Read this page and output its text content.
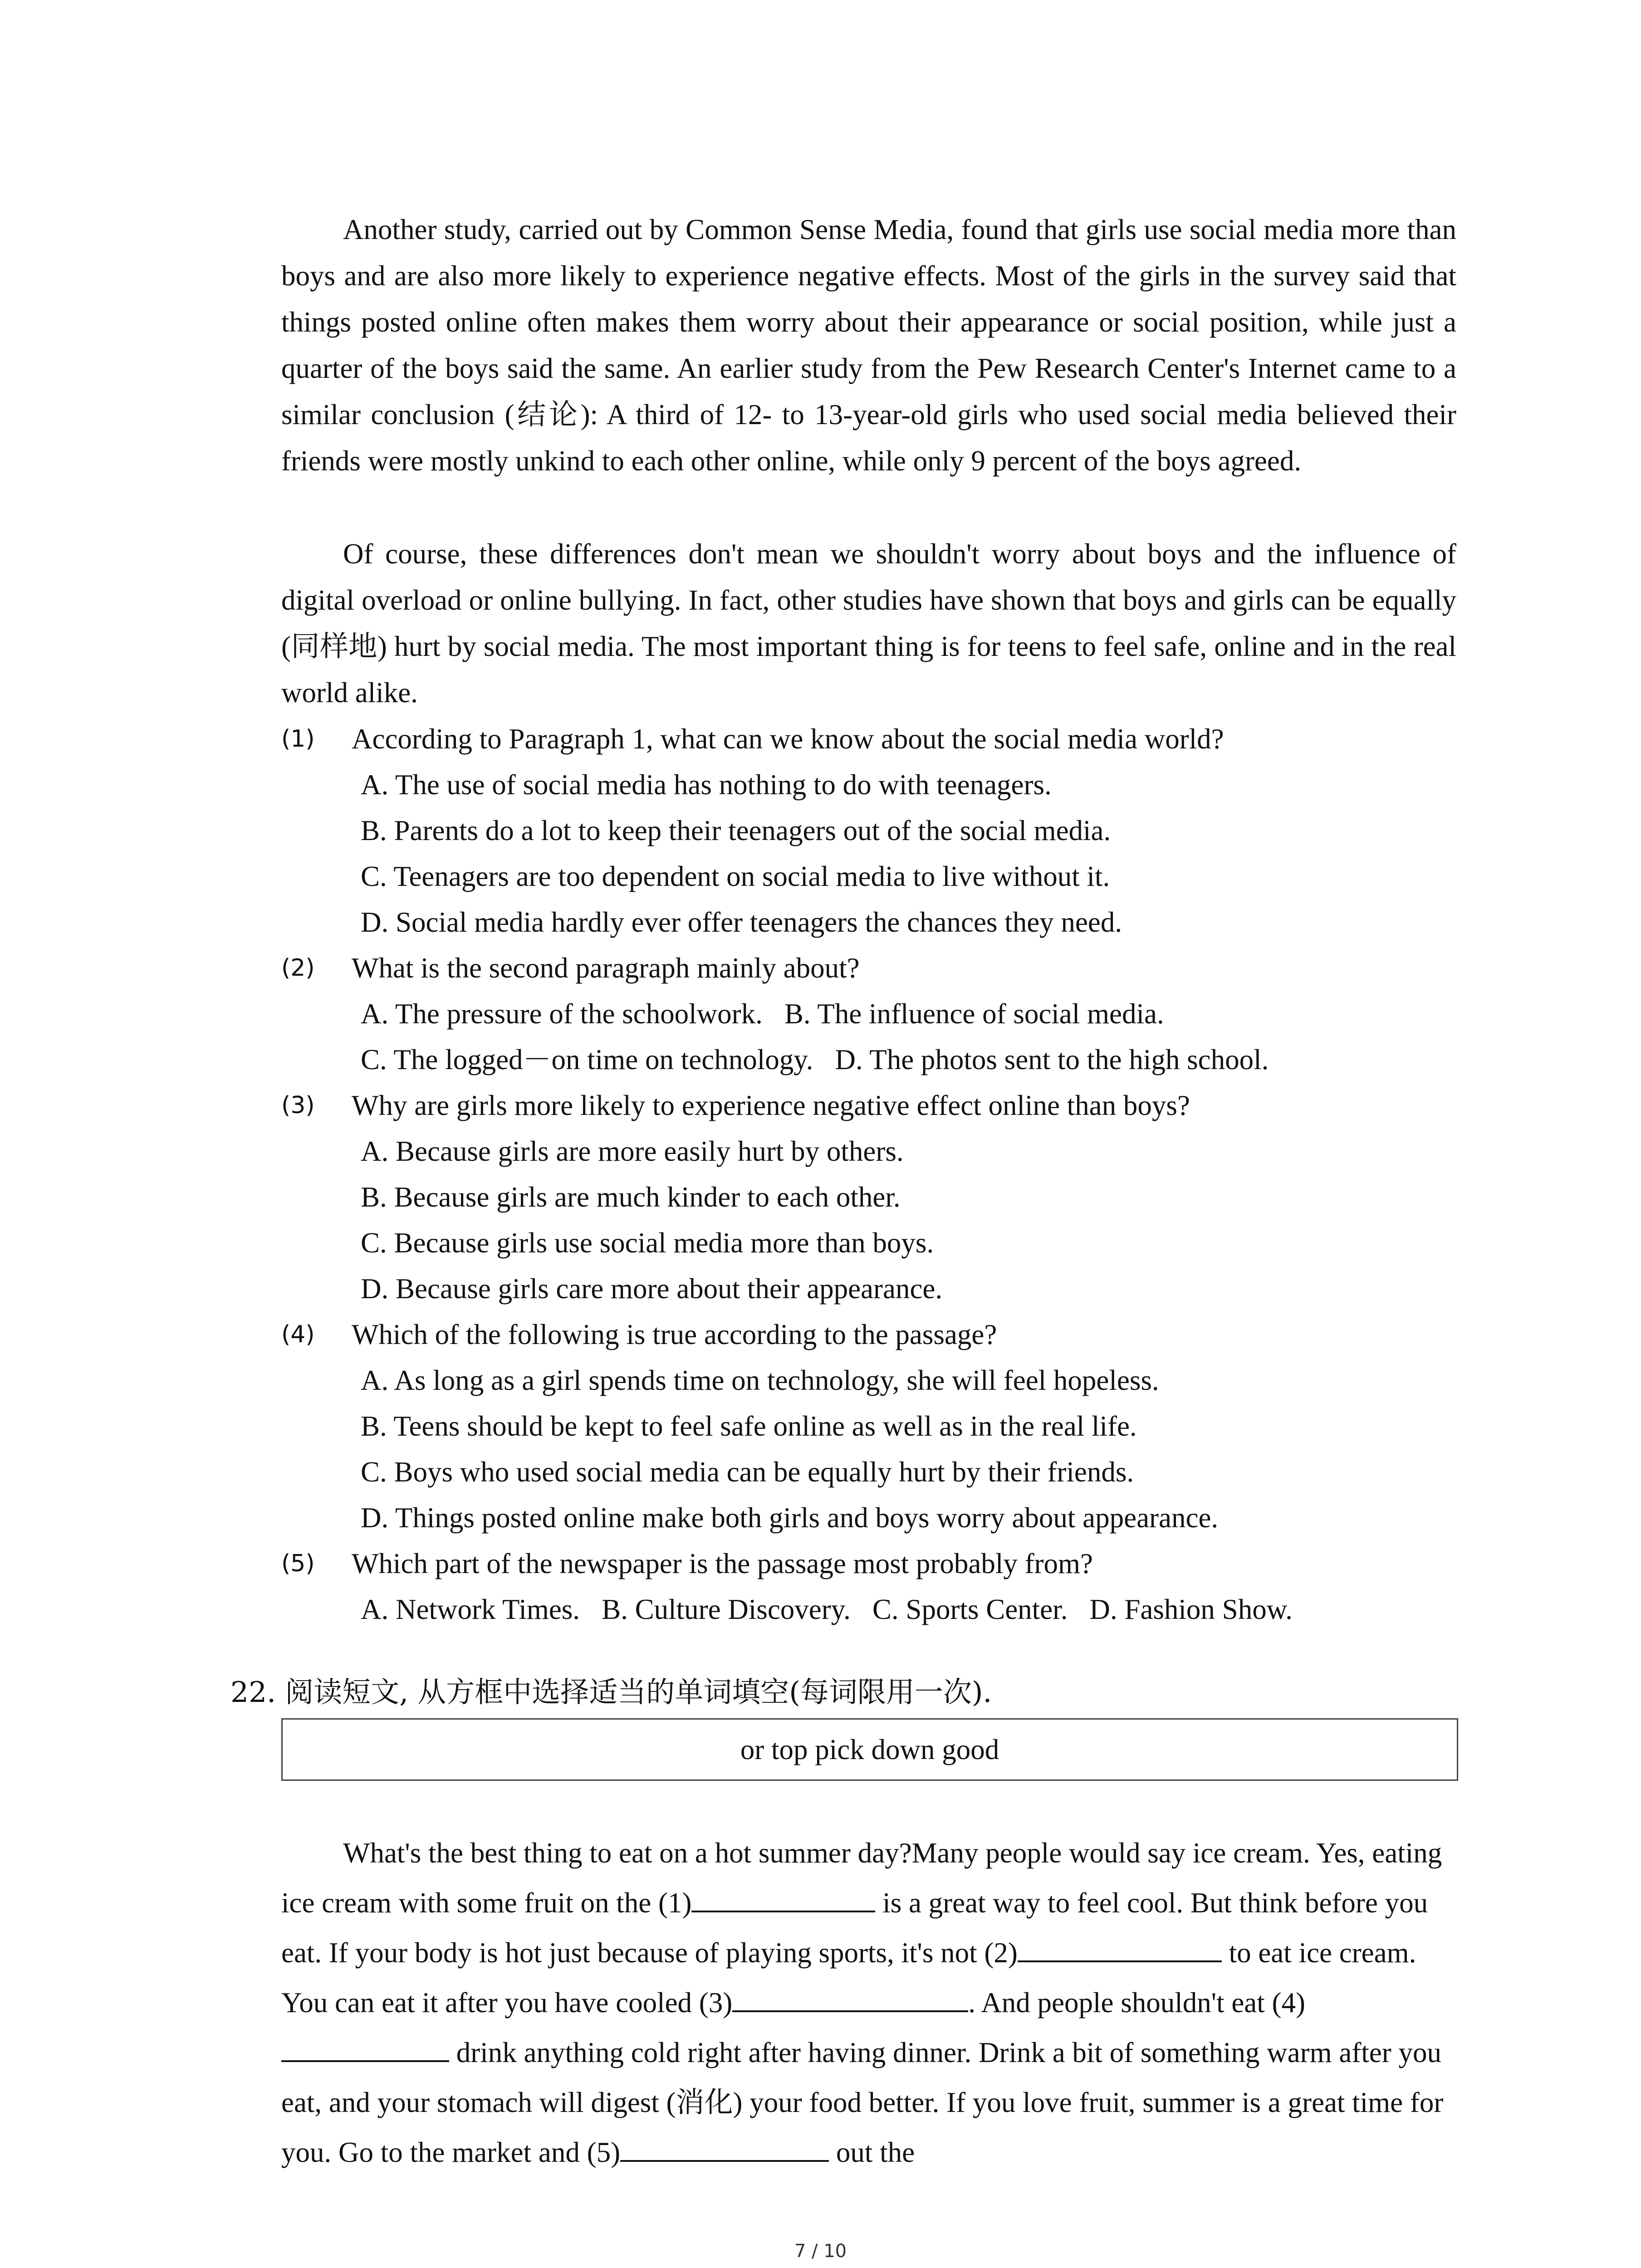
Another study, carried out by Common Sense Media, found that girls use social media more than boys and are also more likely to experience negative effects. Most of the girls in the survey said that things posted online often makes them worry about their appearance or social position, while just a quarter of the boys said the same. An earlier study from the Pew Research Center's Internet came to a similar conclusion (结论): A third of 12- to 13-year-old girls who used social media believed their friends were mostly unkind to each other online, while only 9 percent of the boys agreed.

Of course, these differences don't mean we shouldn't worry about boys and the influence of digital overload or online bullying. In fact, other studies have shown that boys and girls can be equally (同样地) hurt by social media. The most important thing is for teens to feel safe, online and in the real world alike.

(1) According to Paragraph 1, what can we know about the social media world?
A. The use of social media has nothing to do with teenagers.
B. Parents do a lot to keep their teenagers out of the social media.
C. Teenagers are too dependent on social media to live without it.
D. Social media hardly ever offer teenagers the chances they need.
(2) What is the second paragraph mainly about?
A. The pressure of the schoolwork. B. The influence of social media.
C. The logged－on time on technology. D. The photos sent to the high school.
(3) Why are girls more likely to experience negative effect online than boys?
A. Because girls are more easily hurt by others.
B. Because girls are much kinder to each other.
C. Because girls use social media more than boys.
D. Because girls care more about their appearance.
(4) Which of the following is true according to the passage?
A. As long as a girl spends time on technology, she will feel hopeless.
B. Teens should be kept to feel safe online as well as in the real life.
C. Boys who used social media can be equally hurt by their friends.
D. Things posted online make both girls and boys worry about appearance.
(5) Which part of the newspaper is the passage most probably from?
A. Network Times. B. Culture Discovery. C. Sports Center. D. Fashion Show.
22. 阅读短文, 从方框中选择适当的单词填空(每词限用一次).
or top pick down good

What's the best thing to eat on a hot summer day?Many people would say ice cream. Yes, eating ice cream with some fruit on the (1)	is a great way to feel cool. But think before you eat. If your body is hot just because of playing sports, it's not (2)	to eat ice cream. You can eat it after you have cooled (3)	. And people shouldn't eat (4) drink anything cold right after having dinner. Drink a bit of something warm after you eat, and your stomach will digest (消化) your food better. If you love fruit, summer is a great time for you. Go to the market and (5)	out the

7 / 10
